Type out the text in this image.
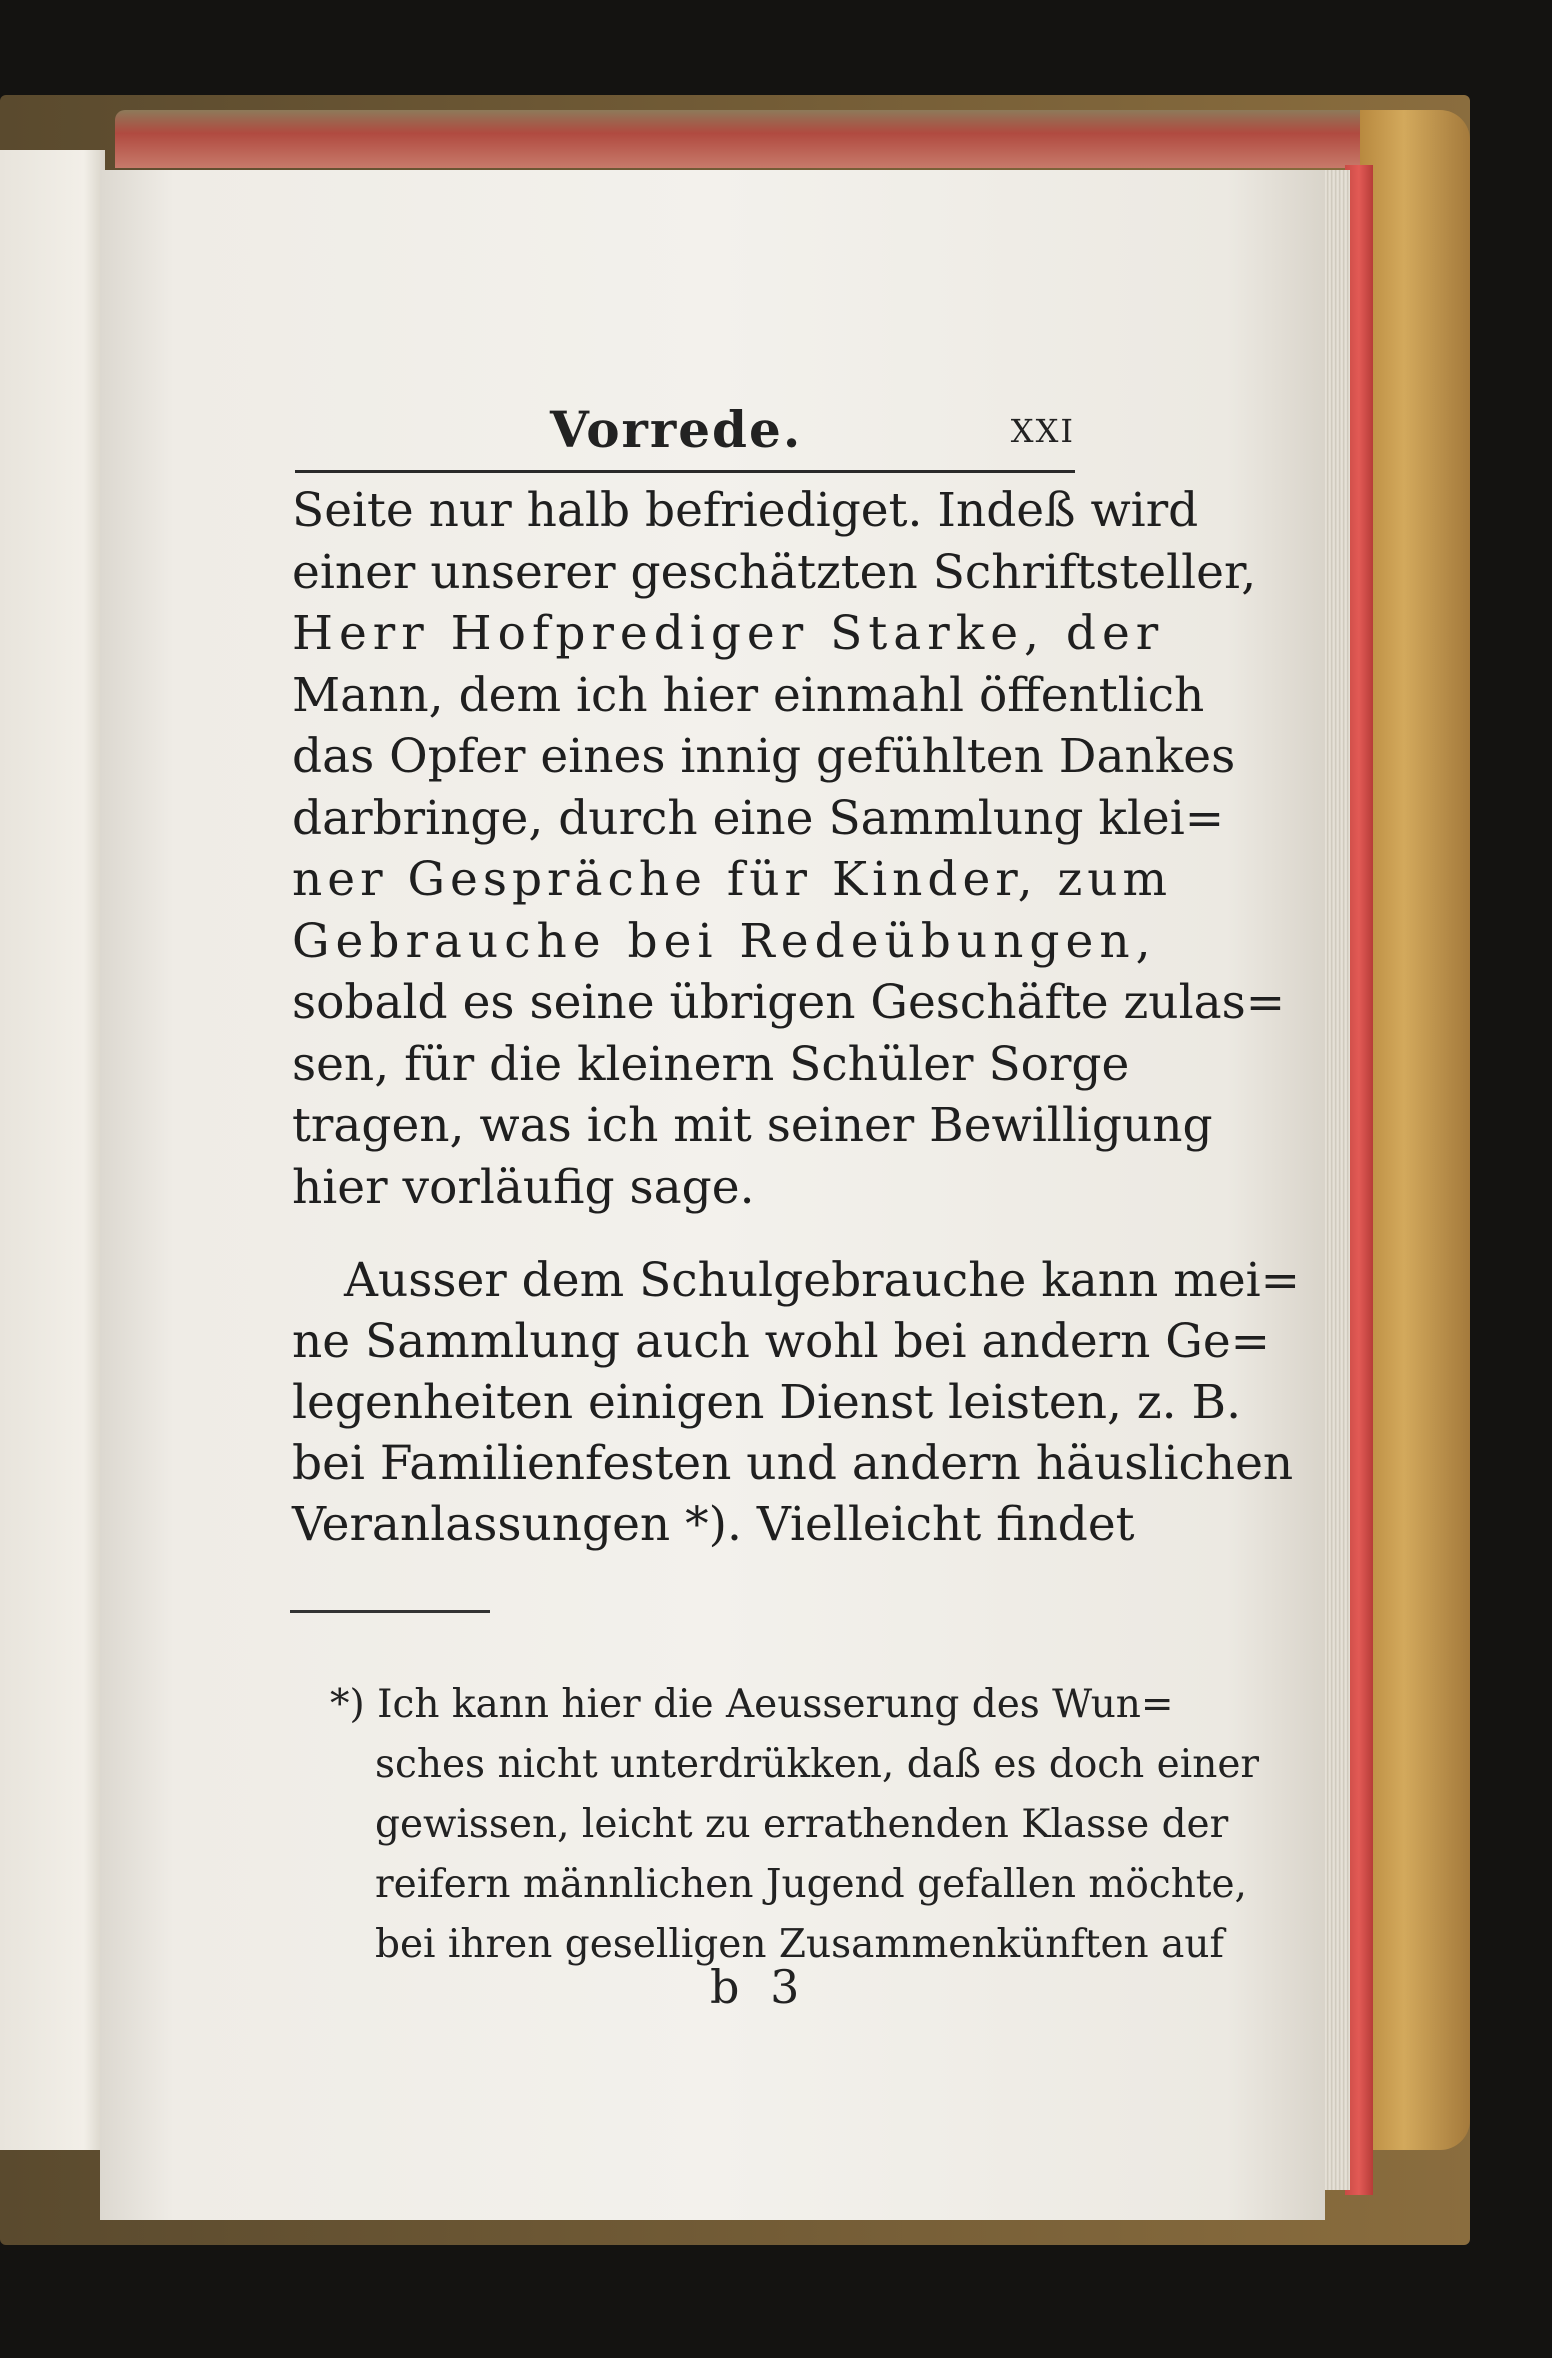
Vorrede.	XXI
Seite nur halb befriediget. Indeß wird
einer unserer geschätzten Schriftsteller,
Herr Hofprediger Starke, der
Mann, dem ich hier einmahl öffentlich
das Opfer eines innig gefühlten Dankes
darbringe, durch eine Sammlung klei=
ner Gespräche für Kinder, zum
Gebrauche bei Redeübungen,
sobald es seine übrigen Geschäfte zulas=
sen, für die kleinern Schüler Sorge
tragen, was ich mit seiner Bewilligung
hier vorläufig sage.
Ausser dem Schulgebrauche kann mei=
ne Sammlung auch wohl bei andern Ge=
legenheiten einigen Dienst leisten, z. B.
bei Familienfesten und andern häuslichen
Veranlassungen *). Vielleicht findet
*) Ich kann hier die Aeusserung des Wun=
sches nicht unterdrükken, daß es doch einer
gewissen, leicht zu errathenden Klasse der
reifern männlichen Jugend gefallen möchte,
bei ihren geselligen Zusammenkünften auf
b 3
